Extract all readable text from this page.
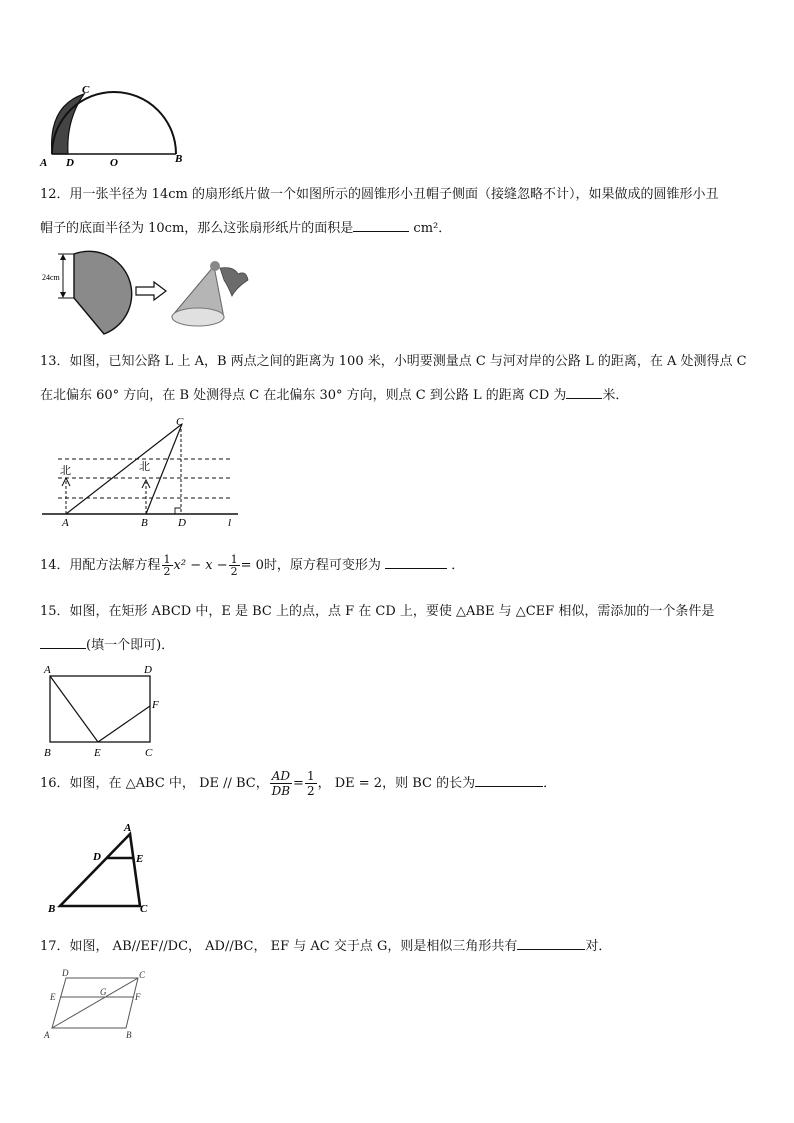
A D	O	B
C
12．用一张半径为 14cm 的扇形纸片做一个如图所示的圆锥形小丑帽子侧面（接缝忽略不计），如果做成的圆锥形小丑
帽子的底面半径为 10cm，那么这张扇形纸片的面积是	cm²．
24cm
13．如图，已知公路 L 上 A，B 两点之间的距离为 100 米，小明要测量点 C 与河对岸的公路 L 的距离，在 A 处测得点 C
在北偏东 60° 方向，在 B 处测得点 C 在北偏东 30° 方向，则点 C 到公路 L 的距离 CD 为	米．
北	北
C
A	B	D	l
14．用配方法解方程 $\frac{1}{2} x^2 - x - \frac{1}{2} = 0$时，原方程可变形为	．
15．如图，在矩形 ABCD 中，E 是 BC 上的点，点 F 在 CD 上，要使 △ABE 与 △CEF 相似，需添加的一个条件是
(填一个即可)．
A	D
F
B	E	C
16．如图，在 △ABC 中， DE // BC， $\frac{AD}{DB} = \frac{1}{2}$ ， DE = 2，则 BC 的长为	．
A
D	E
B	C
17．如图， AB//EF//DC， AD//BC， EF 与 AC 交于点 G，则是相似三角形共有	对．
D	C
E	G	F
A	B
